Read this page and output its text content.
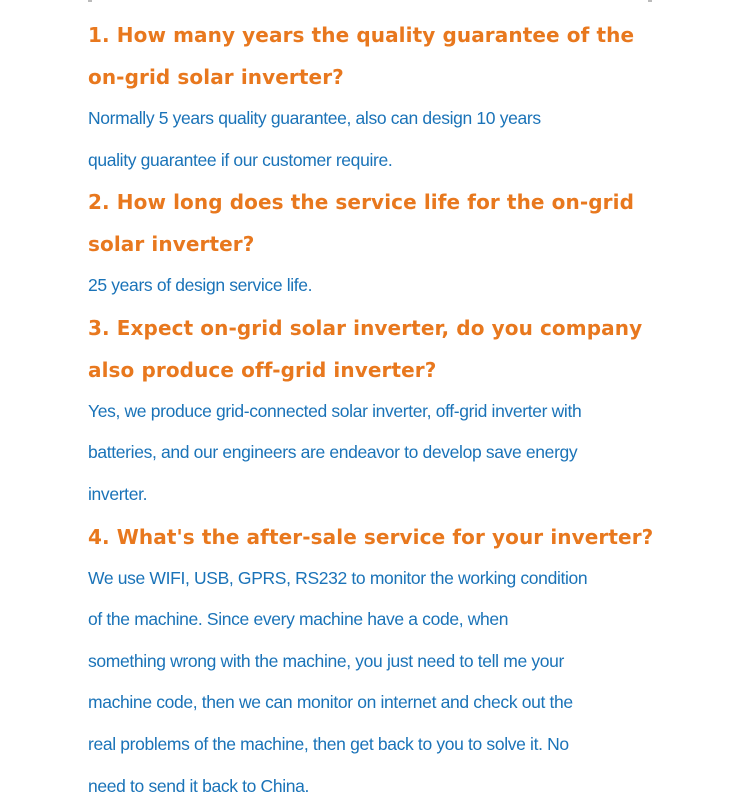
1. How many years the quality guarantee of the
on-grid solar inverter?

Normally 5 years quality guarantee, also can design 10 years
quality guarantee if our customer require.

2. How long does the service life for the on-grid
solar inverter?

25 years of design service life.

3. Expect on-grid solar inverter, do you company
also produce off-grid inverter?

Yes, we produce grid-connected solar inverter, off-grid inverter with
batteries, and our engineers are endeavor to develop save energy
inverter.

4. What's the after-sale service for your inverter?

We use WIFI, USB, GPRS, RS232 to monitor the working condition
of the machine. Since every machine have a code, when
something wrong with the machine, you just need to tell me your
machine code, then we can monitor on internet and check out the
real problems of the machine, then get back to you to solve it. No
need to send it back to China.
